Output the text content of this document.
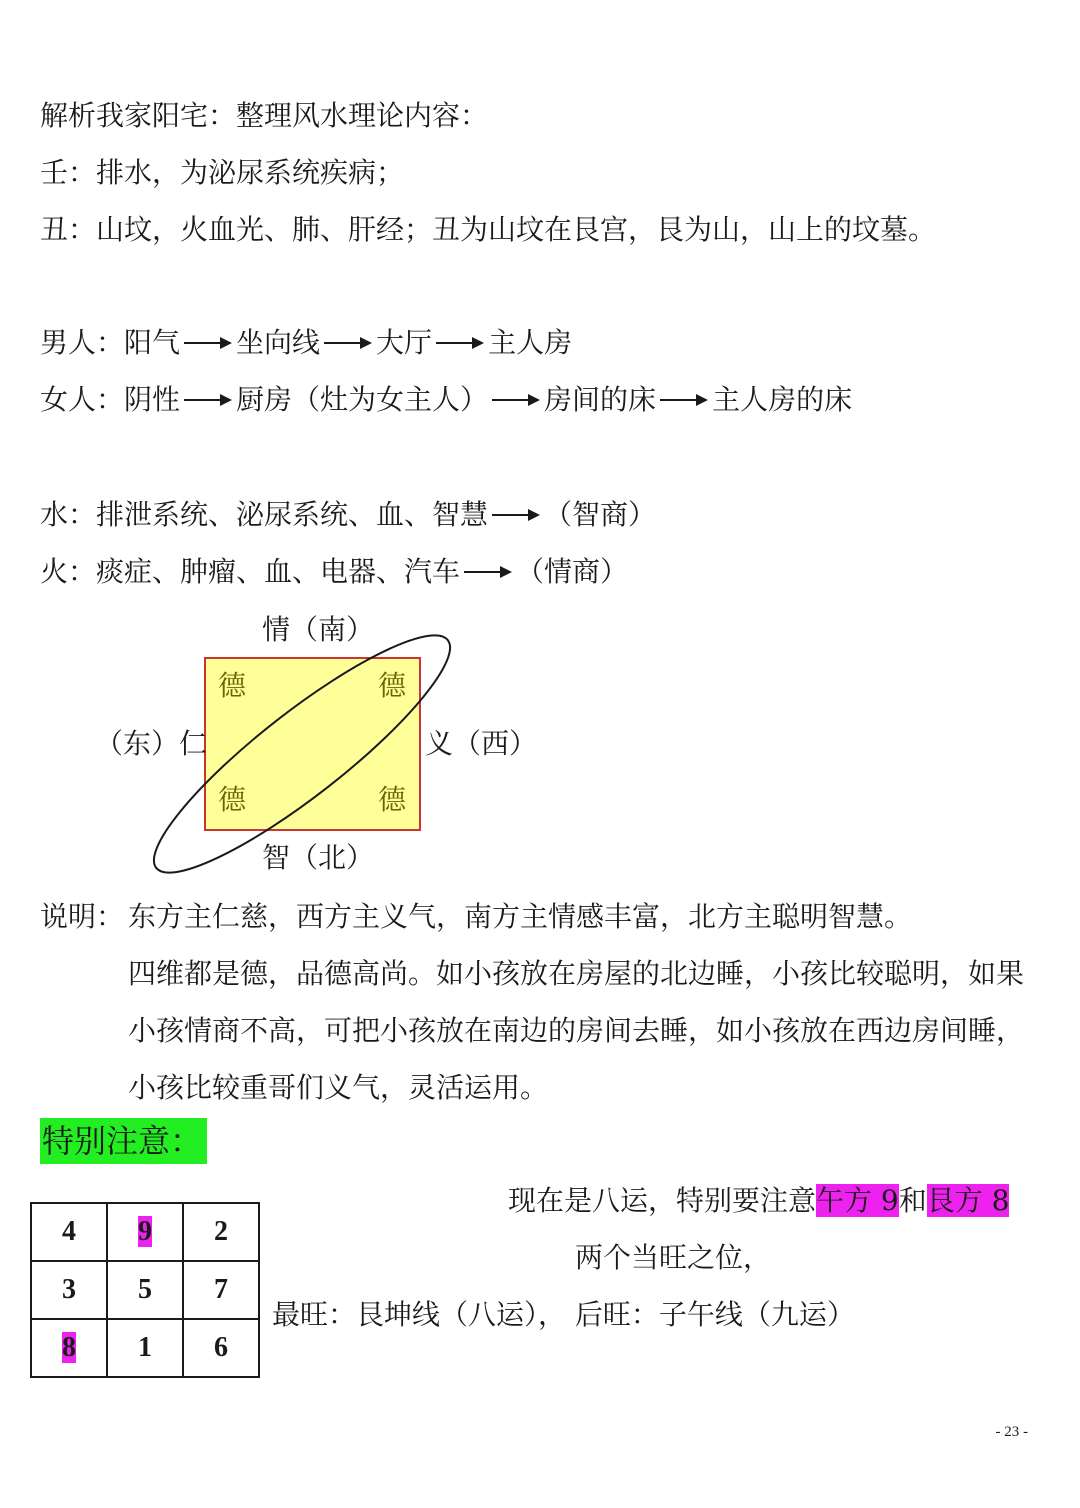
解析我家阳宅：整理风水理论内容：
壬：排水，为泌尿系统疾病；
丑：山坟，火血光、肺、肝经；丑为山坟在艮宫，艮为山，山上的坟墓。
男人：阳气 坐向线 大厅 主人房
女人：阴性 厨房（灶为女主人） 房间的床 主人房的床
水：排泄系统、泌尿系统、血、智慧 （智商）
火：痰症、肿瘤、血、电器、汽车 （情商）
情（南）
智（北）
（东）仁	义（西）
德	德
德	德
说明： 东方主仁慈，西方主义气，南方主情感丰富，北方主聪明智慧。
四维都是德，品德高尚。如小孩放在房屋的北边睡，小孩比较聪明，如果小孩情商不高，可把小孩放在南边的房间去睡，如小孩放在西边房间睡，小孩比较重哥们义气，灵活运用。
特别注意：
4	9	2
3	5	7
8	1	6
现在是八运，特别要注意午方 9和艮方 8
两个当旺之位，
最旺：艮坤线（八运）， 后旺：子午线（九运）
- 23 -
